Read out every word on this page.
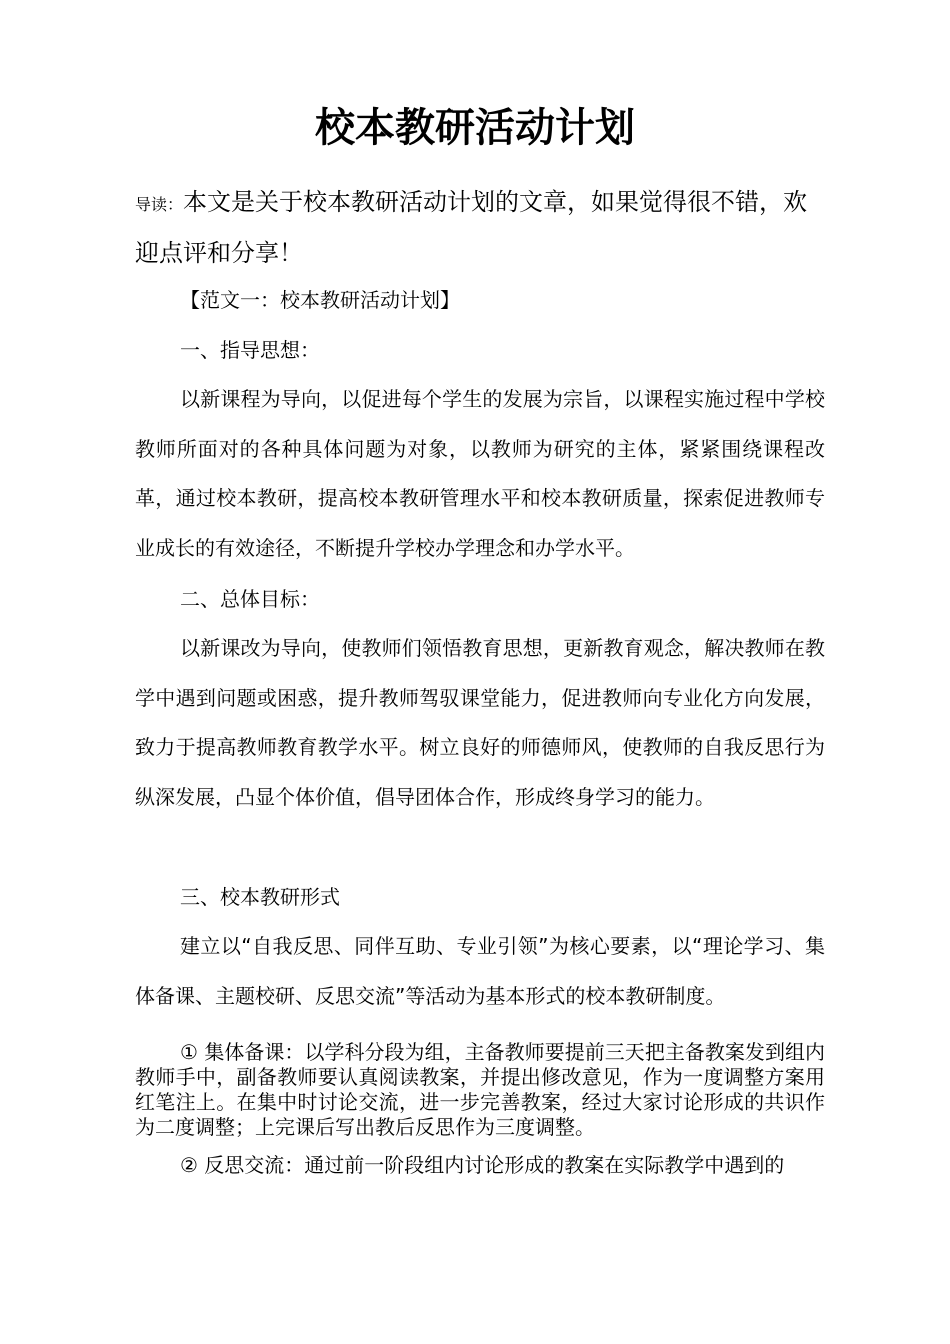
校本教研活动计划
导读：本文是关于校本教研活动计划的文章，如果觉得很不错，欢迎点评和分享！
【范文一：校本教研活动计划】
一、指导思想：
以新课程为导向，以促进每个学生的发展为宗旨，以课程实施过程中学校教师所面对的各种具体问题为对象，以教师为研究的主体，紧紧围绕课程改革，通过校本教研，提高校本教研管理水平和校本教研质量，探索促进教师专业成长的有效途径，不断提升学校办学理念和办学水平。
二、总体目标：
以新课改为导向，使教师们领悟教育思想，更新教育观念，解决教师在教学中遇到问题或困惑，提升教师驾驭课堂能力，促进教师向专业化方向发展，致力于提高教师教育教学水平。树立良好的师德师风，使教师的自我反思行为纵深发展，凸显个体价值，倡导团体合作，形成终身学习的能力。
三、校本教研形式
建立以“自我反思、同伴互助、专业引领”为核心要素，以“理论学习、集体备课、主题校研、反思交流”等活动为基本形式的校本教研制度。
① 集体备课：以学科分段为组，主备教师要提前三天把主备教案发到组内教师手中，副备教师要认真阅读教案，并提出修改意见，作为一度调整方案用红笔注上。在集中时讨论交流，进一步完善教案，经过大家讨论形成的共识作为二度调整；上完课后写出教后反思作为三度调整。
② 反思交流：通过前一阶段组内讨论形成的教案在实际教学中遇到的
